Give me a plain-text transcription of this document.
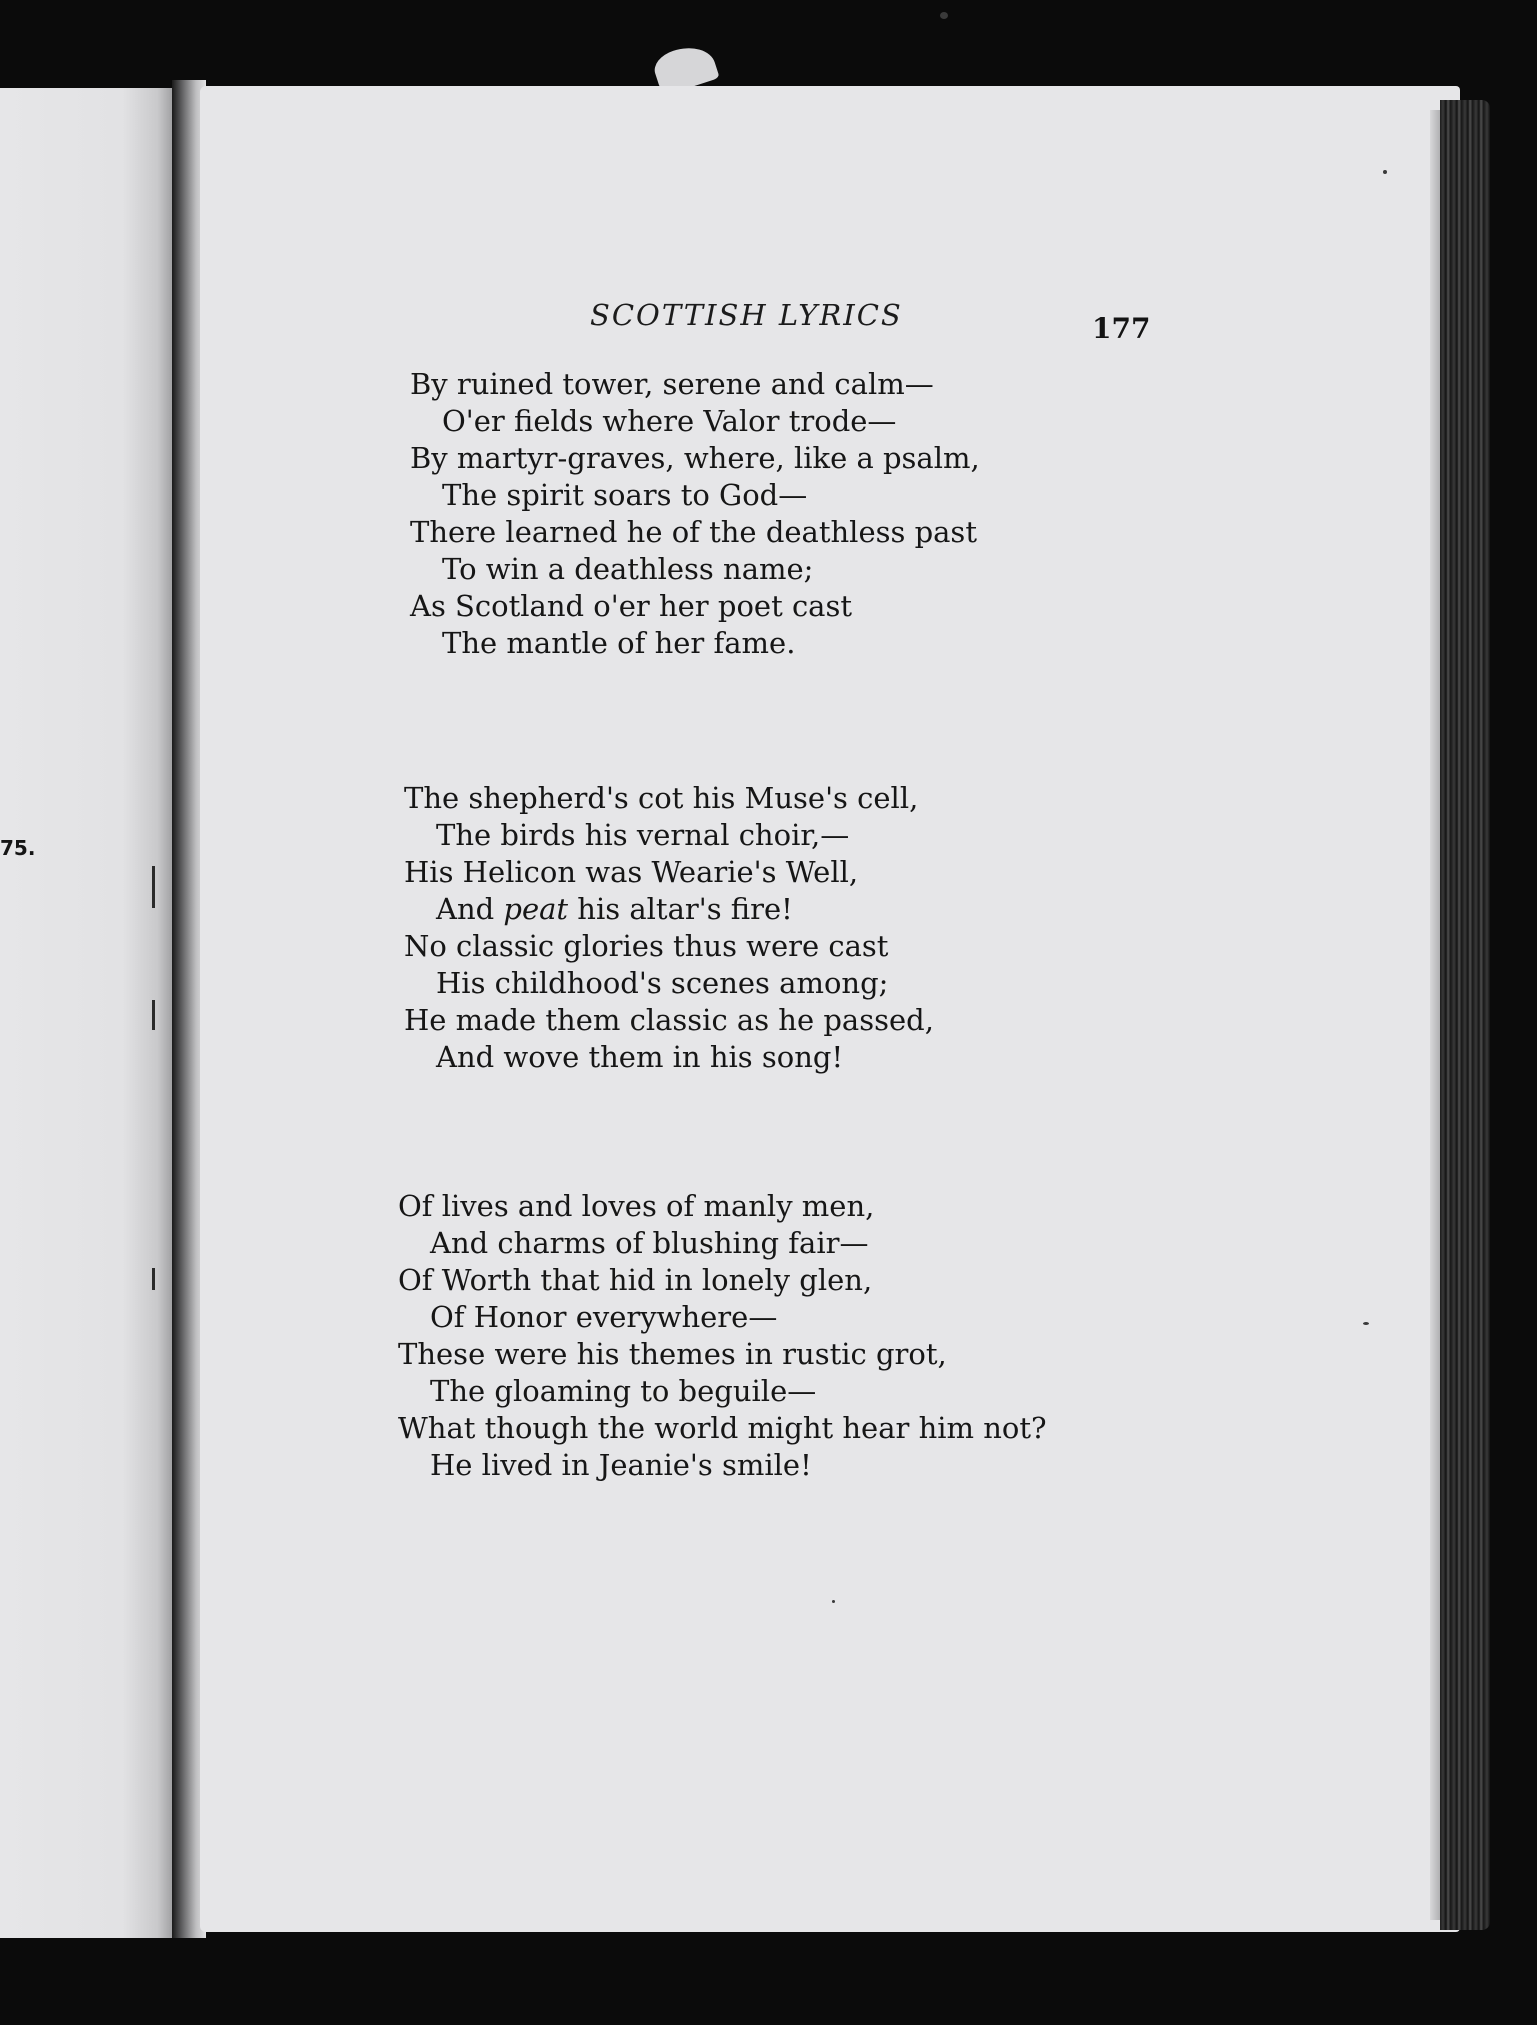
75.
SCOTTISH LYRICS	177
By ruined tower, serene and calm—
O'er fields where Valor trode—
By martyr-graves, where, like a psalm,
The spirit soars to God—
There learned he of the deathless past
To win a deathless name;
As Scotland o'er her poet cast
The mantle of her fame.
The shepherd's cot his Muse's cell,
The birds his vernal choir,—
His Helicon was Wearie's Well,
And peat his altar's fire!
No classic glories thus were cast
His childhood's scenes among;
He made them classic as he passed,
And wove them in his song!
Of lives and loves of manly men,
And charms of blushing fair—
Of Worth that hid in lonely glen,
Of Honor everywhere—
These were his themes in rustic grot,
The gloaming to beguile—
What though the world might hear him not?
He lived in Jeanie's smile!
